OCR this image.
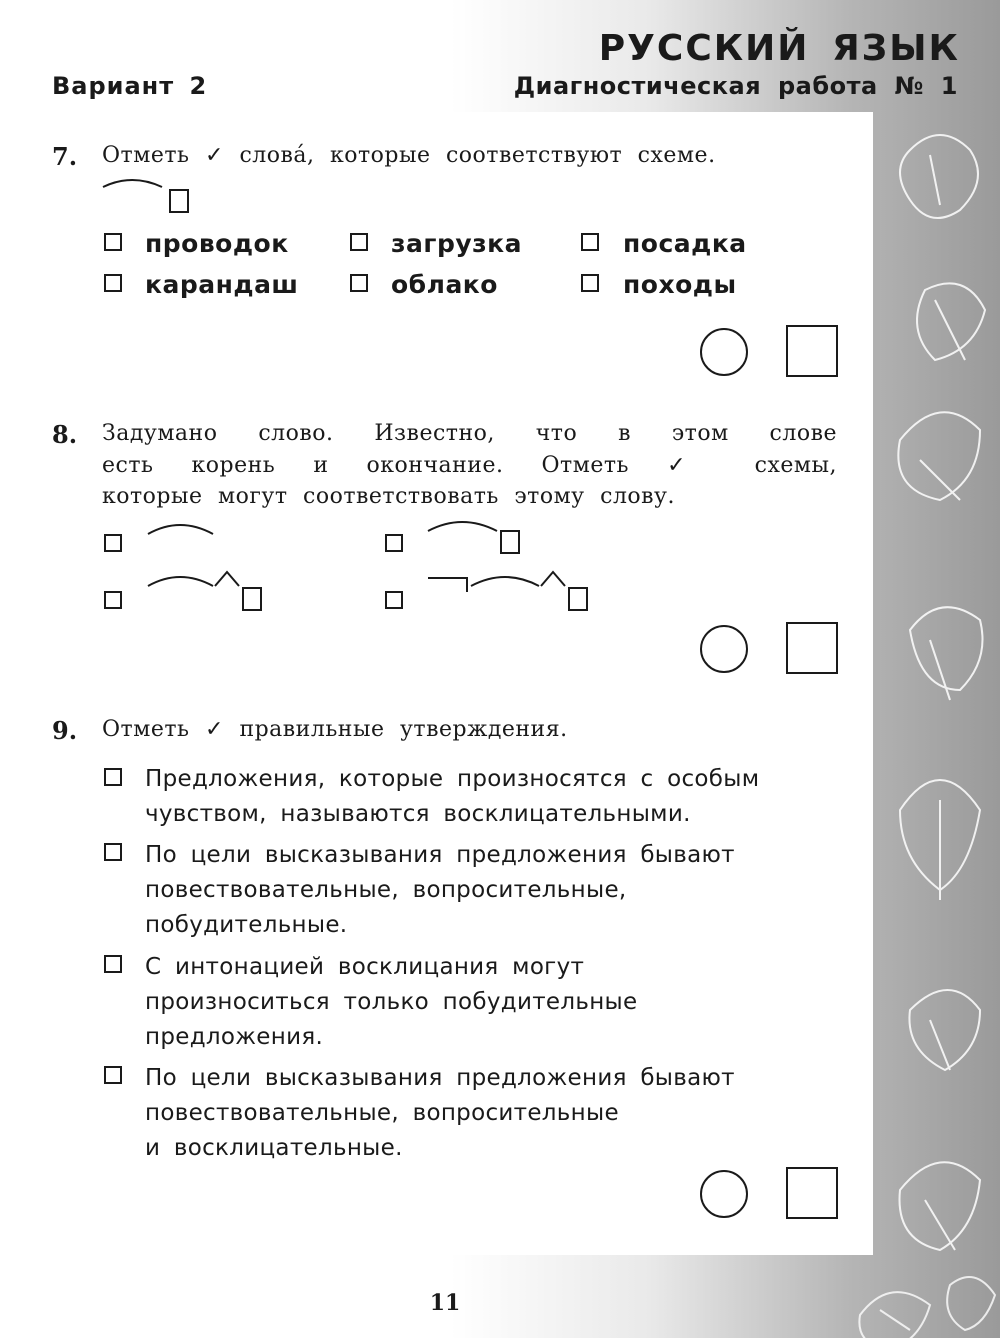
Вариант 2
РУССКИЙ ЯЗЫК
Диагностическая работа № 1
7. Отметь ✓ слова́, которые соответствуют схеме.
проводок	загрузка	посадка
карандаш	облако	походы
8. Задумано слово. Известно, что в этом слове
есть корень и окончание. Отметь ✓ схемы,
которые могут соответствовать этому слову.
9. Отметь ✓ правильные утверждения.
Предложения, которые произносятся с особым
чувством, называются восклицательными.
По цели высказывания предложения бывают
повествовательные, вопросительные,
побудительные.
С интонацией восклицания могут
произноситься только побудительные
предложения.
По цели высказывания предложения бывают
повествовательные, вопросительные
и восклицательные.
11
